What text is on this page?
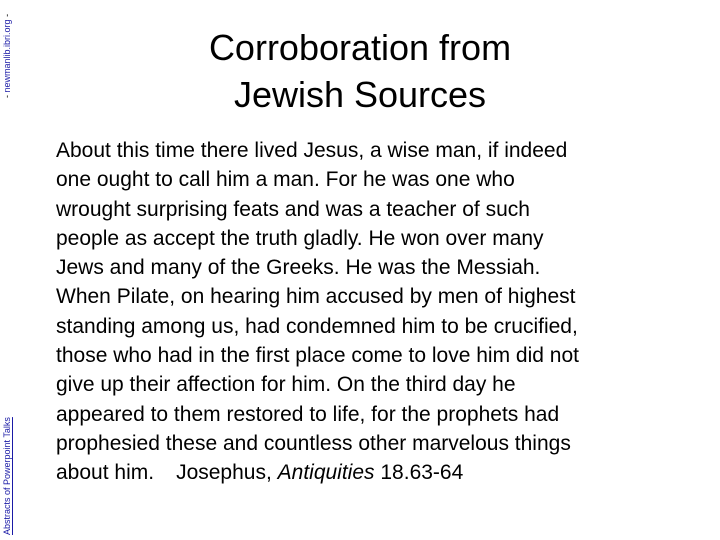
- newmanlib.ibri.org -
Abstracts of Powerpoint Talks
Corroboration from
Jewish Sources
About this time there lived Jesus, a wise man, if indeed
one ought to call him a man. For he was one who
wrought surprising feats and was a teacher of such
people as accept the truth gladly. He won over many
Jews and many of the Greeks. He was the Messiah.
When Pilate, on hearing him accused by men of highest
standing among us, had condemned him to be crucified,
those who had in the first place come to love him did not
give up their affection for him. On the third day he
appeared to them restored to life, for the prophets had
prophesied these and countless other marvelous things
about him. Josephus, Antiquities 18.63-64
